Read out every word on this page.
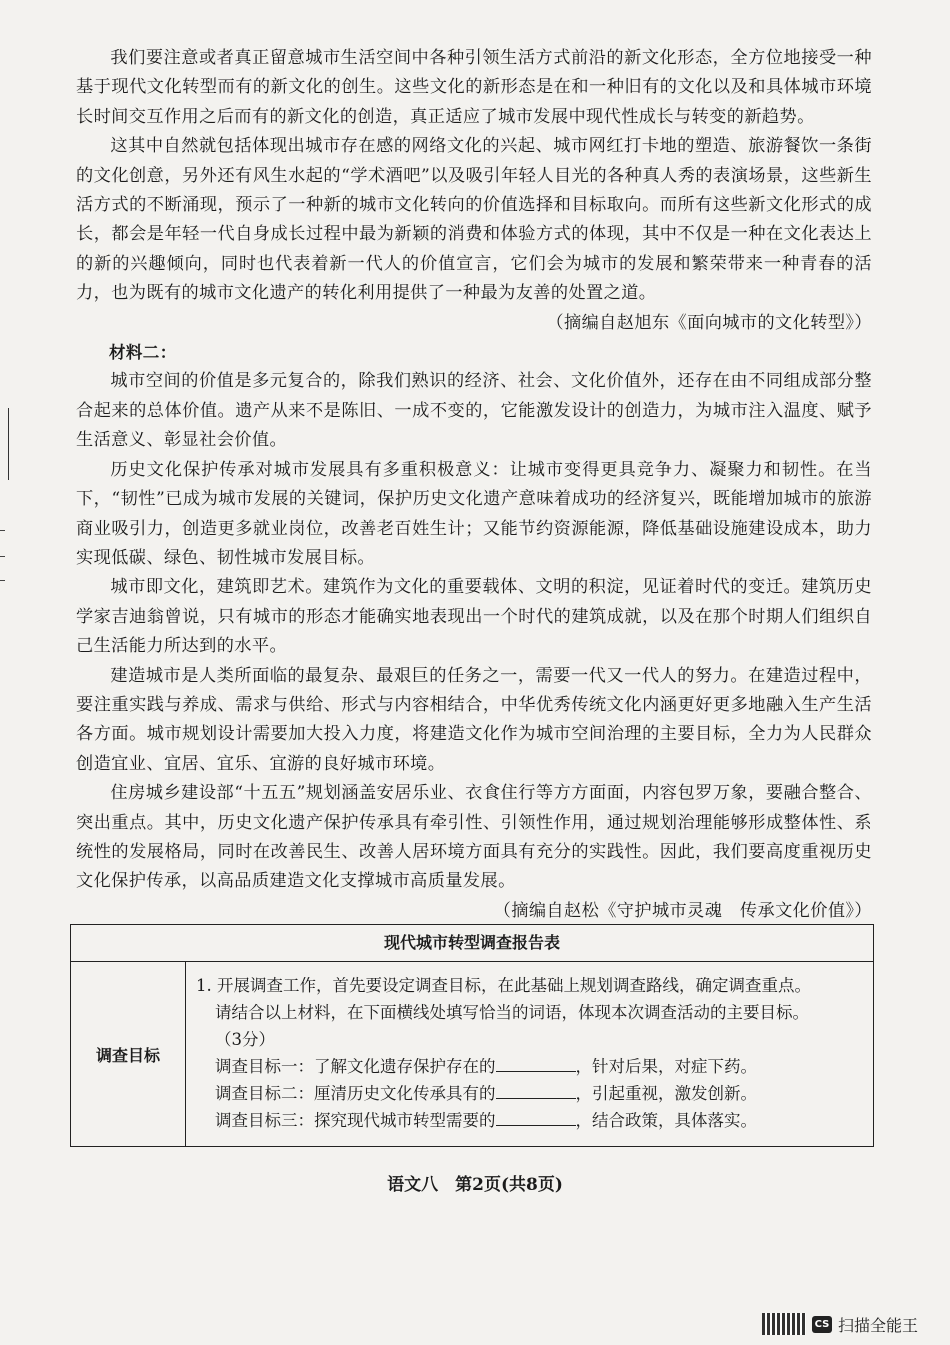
我们要注意或者真正留意城市生活空间中各种引领生活方式前沿的新文化形态，全方位地接受一种基于现代文化转型而有的新文化的创生。这些文化的新形态是在和一种旧有的文化以及和具体城市环境长时间交互作用之后而有的新文化的创造，真正适应了城市发展中现代性成长与转变的新趋势。

这其中自然就包括体现出城市存在感的网络文化的兴起、城市网红打卡地的塑造、旅游餐饮一条街的文化创意，另外还有风生水起的“学术酒吧”以及吸引年轻人目光的各种真人秀的表演场景，这些新生活方式的不断涌现，预示了一种新的城市文化转向的价值选择和目标取向。而所有这些新文化形式的成长，都会是年轻一代自身成长过程中最为新颖的消费和体验方式的体现，其中不仅是一种在文化表达上的新的兴趣倾向，同时也代表着新一代人的价值宣言，它们会为城市的发展和繁荣带来一种青春的活力，也为既有的城市文化遗产的转化利用提供了一种最为友善的处置之道。

（摘编自赵旭东《面向城市的文化转型》）

材料二：

城市空间的价值是多元复合的，除我们熟识的经济、社会、文化价值外，还存在由不同组成部分整合起来的总体价值。遗产从来不是陈旧、一成不变的，它能激发设计的创造力，为城市注入温度、赋予生活意义、彰显社会价值。

历史文化保护传承对城市发展具有多重积极意义：让城市变得更具竞争力、凝聚力和韧性。在当下，“韧性”已成为城市发展的关键词，保护历史文化遗产意味着成功的经济复兴，既能增加城市的旅游商业吸引力，创造更多就业岗位，改善老百姓生计；又能节约资源能源，降低基础设施建设成本，助力实现低碳、绿色、韧性城市发展目标。

城市即文化，建筑即艺术。建筑作为文化的重要载体、文明的积淀，见证着时代的变迁。建筑历史学家吉迪翁曾说，只有城市的形态才能确实地表现出一个时代的建筑成就，以及在那个时期人们组织自己生活能力所达到的水平。

建造城市是人类所面临的最复杂、最艰巨的任务之一，需要一代又一代人的努力。在建造过程中，要注重实践与养成、需求与供给、形式与内容相结合，中华优秀传统文化内涵更好更多地融入生产生活各方面。城市规划设计需要加大投入力度，将建造文化作为城市空间治理的主要目标，全力为人民群众创造宜业、宜居、宜乐、宜游的良好城市环境。

住房城乡建设部“十五五”规划涵盖安居乐业、衣食住行等方方面面，内容包罗万象，要融合整合、突出重点。其中，历史文化遗产保护传承具有牵引性、引领性作用，通过规划治理能够形成整体性、系统性的发展格局，同时在改善民生、改善人居环境方面具有充分的实践性。因此，我们要高度重视历史文化保护传承，以高品质建造文化支撑城市高质量发展。

（摘编自赵松《守护城市灵魂　传承文化价值》）

现代城市转型调查报告表
调查目标

1. 开展调查工作，首先要设定调查目标，在此基础上规划调查路线，确定调查重点。

请结合以上材料，在下面横线处填写恰当的词语，体现本次调查活动的主要目标。

（3分）

调查目标一：了解文化遗存保护存在的	，针对后果，对症下药。

调查目标二：厘清历史文化传承具有的	，引起重视，激发创新。

调查目标三：探究现代城市转型需要的	，结合政策，具体落实。

语文八　第2页(共8页)
CS 扫描全能王
